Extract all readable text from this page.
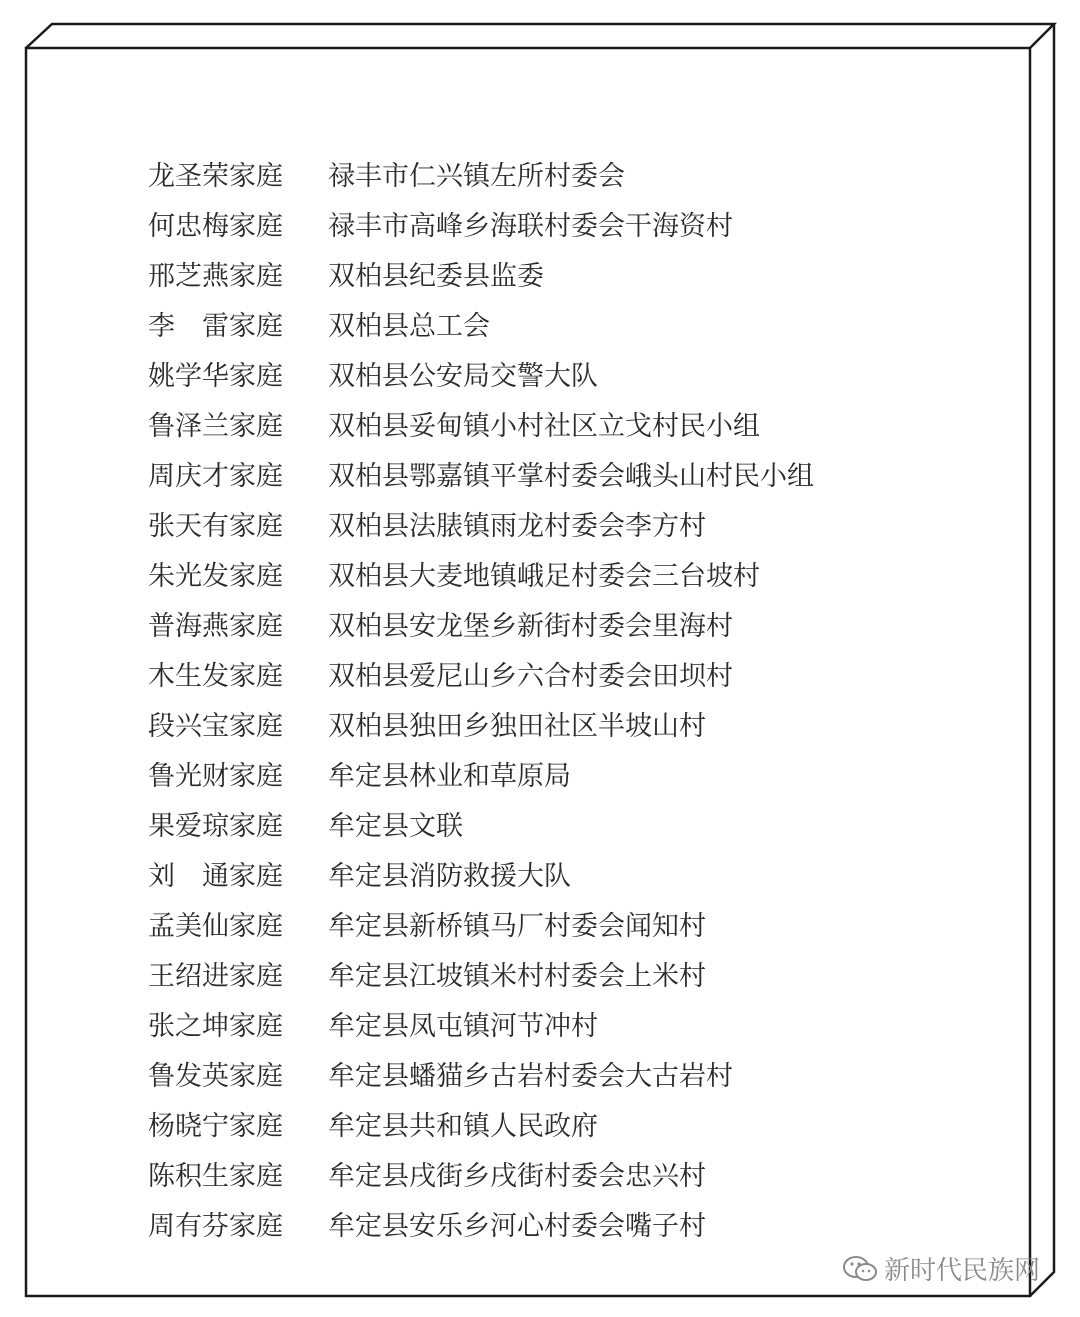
龙圣荣家庭	禄丰市仁兴镇左所村委会
何忠梅家庭	禄丰市高峰乡海联村委会干海资村
邢芝燕家庭	双柏县纪委县监委
李　雷家庭	双柏县总工会
姚学华家庭	双柏县公安局交警大队
鲁泽兰家庭	双柏县妥甸镇小村社区立戈村民小组
周庆才家庭	双柏县鄂嘉镇平掌村委会峨头山村民小组
张天有家庭	双柏县法脿镇雨龙村委会李方村
朱光发家庭	双柏县大麦地镇峨足村委会三台坡村
普海燕家庭	双柏县安龙堡乡新街村委会里海村
木生发家庭	双柏县爱尼山乡六合村委会田坝村
段兴宝家庭	双柏县独田乡独田社区半坡山村
鲁光财家庭	牟定县林业和草原局
果爱琼家庭	牟定县文联
刘　通家庭	牟定县消防救援大队
孟美仙家庭	牟定县新桥镇马厂村委会闻知村
王绍进家庭	牟定县江坡镇米村村委会上米村
张之坤家庭	牟定县凤屯镇河节冲村
鲁发英家庭	牟定县蟠猫乡古岩村委会大古岩村
杨晓宁家庭	牟定县共和镇人民政府
陈积生家庭	牟定县戌街乡戌街村委会忠兴村
周有芬家庭	牟定县安乐乡河心村委会嘴子村
新时代民族网
